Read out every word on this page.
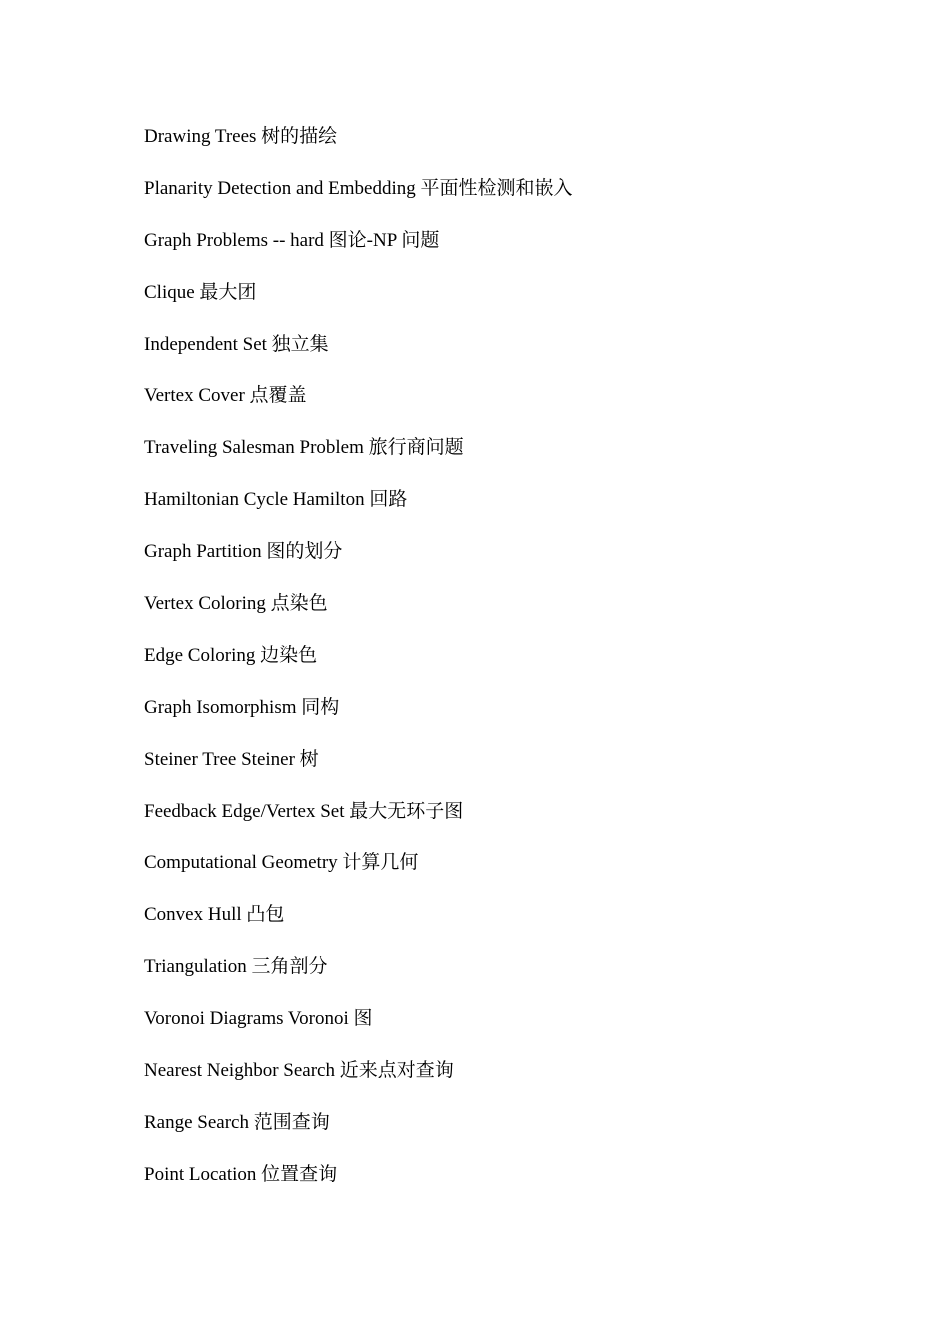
Drawing Trees 树的描绘
Planarity Detection and Embedding 平面性检测和嵌入
Graph Problems -- hard 图论-NP 问题
Clique 最大团
Independent Set 独立集
Vertex Cover 点覆盖
Traveling Salesman Problem 旅行商问题
Hamiltonian Cycle Hamilton 回路
Graph Partition 图的划分
Vertex Coloring 点染色
Edge Coloring 边染色
Graph Isomorphism 同构
Steiner Tree Steiner 树
Feedback Edge/Vertex Set 最大无环子图
Computational Geometry 计算几何
Convex Hull 凸包
Triangulation 三角剖分
Voronoi Diagrams Voronoi 图
Nearest Neighbor Search 近来点对查询
Range Search 范围查询
Point Location 位置查询
